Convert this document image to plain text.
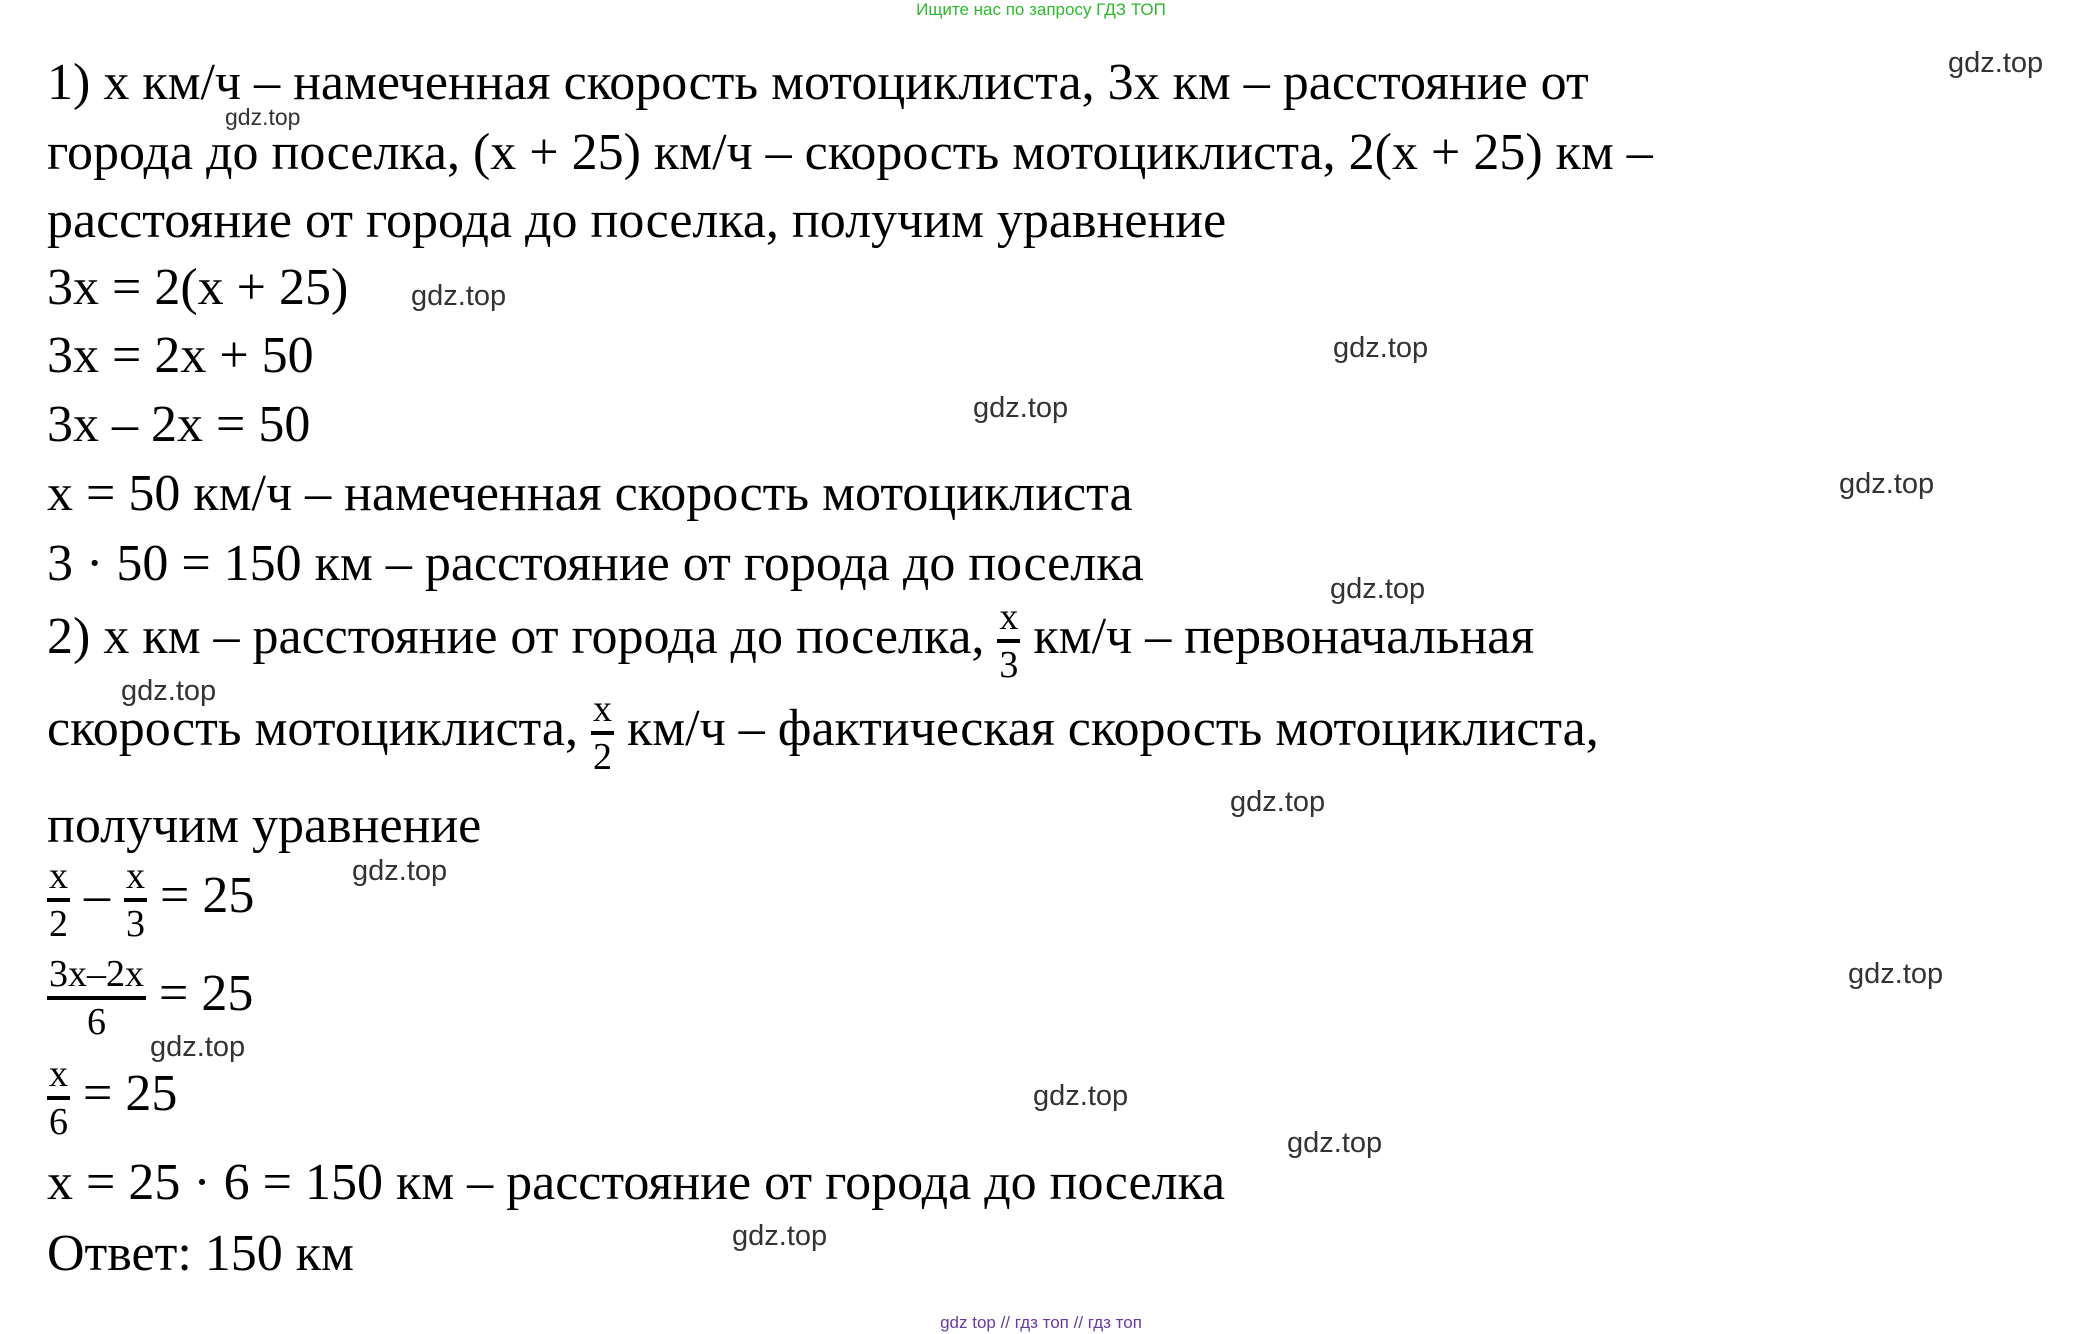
Ищите нас по запросу ГДЗ ТОП
1) x км/ч – намеченная скорость мотоциклиста, 3x км – расстояние от
города до поселка, (x + 25) км/ч – скорость мотоциклиста, 2(x + 25) км –
расстояние от города до поселка, получим уравнение
3x = 2(x + 25)
3x = 2x + 50
3x – 2x = 50
x = 50 км/ч – намеченная скорость мотоциклиста
3 · 50 = 150 км – расстояние от города до поселка
2) x км – расстояние от города до поселка, $\frac{x}{3} км/ч$ – первоначальная
скорость мотоциклиста, $\frac{x}{2} км/ч$ – фактическая скорость мотоциклиста,
получим уравнение
$\frac{x}{2} - \frac{x}{3} = 25$
$\frac{3x-2x}{6} = 25$
$\frac{x}{6} = 25$
x = 25 · 6 = 150 км – расстояние от города до поселка
Ответ: 150 км
gdz.top
gdz.top
gdz.top
gdz.top
gdz.top
gdz.top
gdz.top
gdz.top
gdz.top
gdz.top
gdz.top
gdz.top
gdz.top
gdz.top
gdz.top
gdz top // гдз топ // гдз топ
